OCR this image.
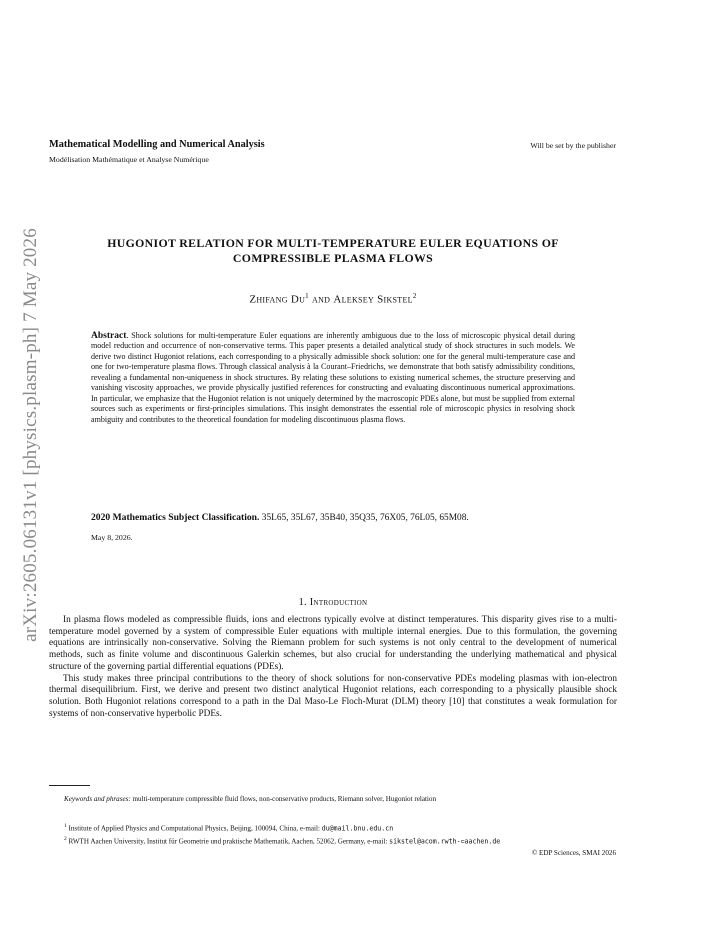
arXiv:2605.06131v1 [physics.plasm-ph] 7 May 2026
Mathematical Modelling and Numerical Analysis
Modélisation Mathématique et Analyse Numérique
Will be set by the publisher
HUGONIOT RELATION FOR MULTI-TEMPERATURE EULER EQUATIONS OF
COMPRESSIBLE PLASMA FLOWS
Zhifang Du$^1$ and Aleksey Sikstel$^2$
Abstract. Shock solutions for multi-temperature Euler equations are inherently ambiguous due to the loss of microscopic physical detail during model reduction and occurrence of non-conservative terms. This paper presents a detailed analytical study of shock structures in such models. We derive two distinct Hugoniot relations, each corresponding to a physically admissible shock solution: one for the general multi-temperature case and one for two-temperature plasma flows. Through classical analysis à la Courant–Friedrichs, we demonstrate that both satisfy admissibility conditions, revealing a fundamental non-uniqueness in shock structures. By relating these solutions to existing numerical schemes, the structure preserving and vanishing viscosity approaches, we provide physically justified references for constructing and evaluating discontinuous numerical approximations. In particular, we emphasize that the Hugoniot relation is not uniquely determined by the macroscopic PDEs alone, but must be supplied from external sources such as experiments or first-principles simulations. This insight demonstrates the essential role of microscopic physics in resolving shock ambiguity and contributes to the theoretical foundation for modeling discontinuous plasma flows.
2020 Mathematics Subject Classification. 35L65, 35L67, 35B40, 35Q35, 76X05, 76L05, 65M08.
May 8, 2026.
1. Introduction

In plasma flows modeled as compressible fluids, ions and electrons typically evolve at distinct temperatures. This disparity gives rise to a multi-temperature model governed by a system of compressible Euler equations with multiple internal energies. Due to this formulation, the governing equations are intrinsically non-conservative. Solving the Riemann problem for such systems is not only central to the development of numerical methods, such as finite volume and discontinuous Galerkin schemes, but also crucial for understanding the underlying mathematical and physical structure of the governing partial differential equations (PDEs).

This study makes three principal contributions to the theory of shock solutions for non-conservative PDEs modeling plasmas with ion-electron thermal disequilibrium. First, we derive and present two distinct analytical Hugoniot relations, each corresponding to a physically plausible shock solution. Both Hugoniot relations correspond to a path in the Dal Maso-Le Floch-Murat (DLM) theory [10] that constitutes a weak formulation for systems of non-conservative hyperbolic PDEs.

Keywords and phrases: multi-temperature compressible fluid flows, non-conservative products, Riemann solver, Hugoniot relation
$^1$ Institute of Applied Physics and Computational Physics, Beijing, 100094, China, e-mail: du@mail.bnu.edu.cn
$^2$ RWTH Aachen University, Institut für Geometrie und praktische Mathematik, Aachen, 52062, Germany, e-mail: sikstel@acom.rwth-⊂aachen.de
© EDP Sciences, SMAI 2026
